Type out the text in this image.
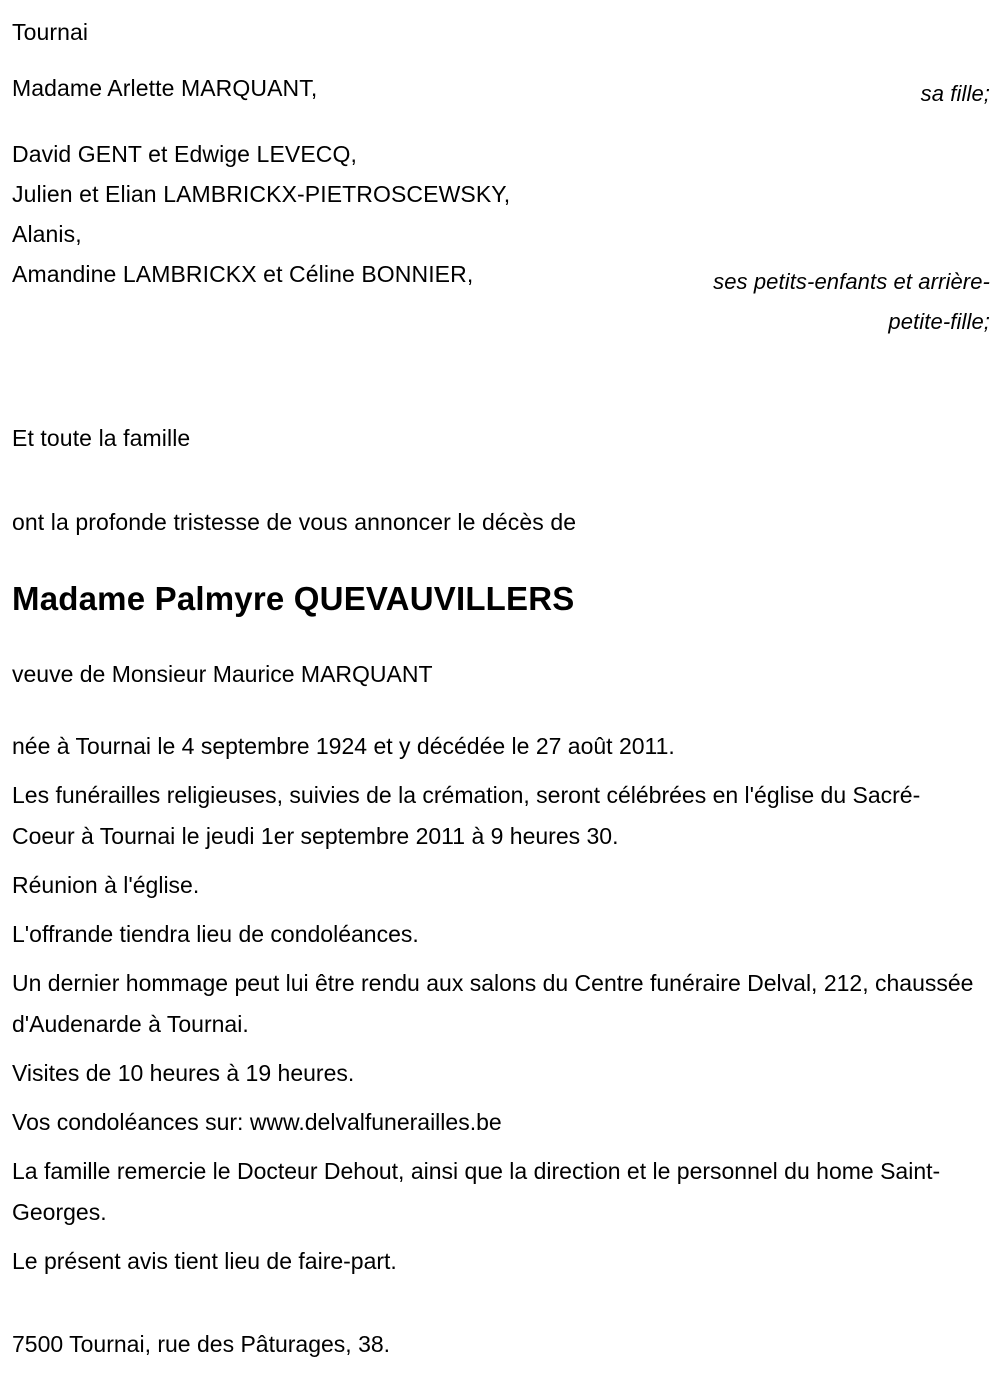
Tournai
Madame Arlette MARQUANT,
David GENT et Edwige LEVECQ,
Julien et Elian LAMBRICKX-PIETROSCEWSKY,
Alanis,
Amandine LAMBRICKX et Céline BONNIER,
Et toute la famille
ont la profonde tristesse de vous annoncer le décès de
Madame Palmyre QUEVAUVILLERS

veuve de Monsieur Maurice MARQUANT

née à Tournai le 4 septembre 1924 et y décédée le 27 août 2011.

Les funérailles religieuses, suivies de la crémation, seront célébrées en l'église du Sacré-Coeur à Tournai le jeudi 1er septembre 2011 à 9 heures 30.

Réunion à l'église.

L'offrande tiendra lieu de condoléances.

Un dernier hommage peut lui être rendu aux salons du Centre funéraire Delval, 212, chaussée d'Audenarde à Tournai.

Visites de 10 heures à 19 heures.

Vos condoléances sur: www.delvalfunerailles.be

La famille remercie le Docteur Dehout, ainsi que la direction et le personnel du home Saint-Georges.

Le présent avis tient lieu de faire-part.

7500 Tournai, rue des Pâturages, 38.

sa fille;
ses petits-enfants et arrière-petite-fille;
